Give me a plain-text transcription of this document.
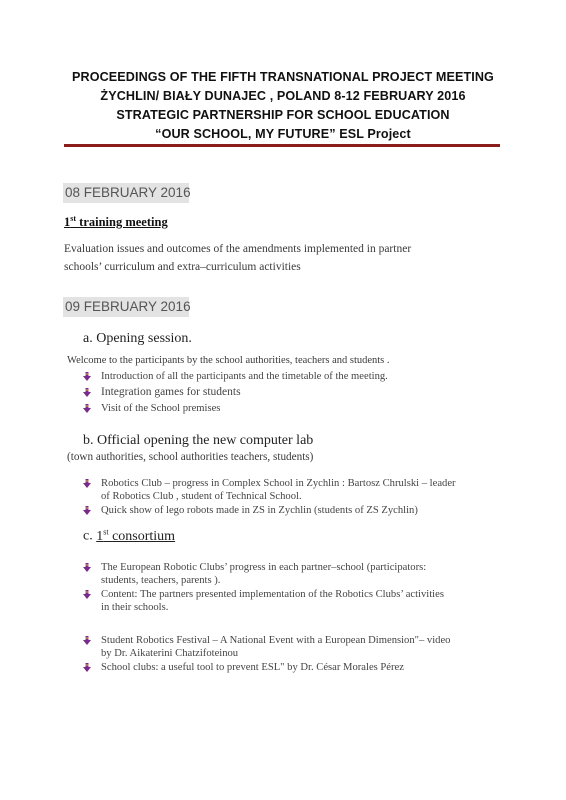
PROCEEDINGS OF THE FIFTH TRANSNATIONAL PROJECT MEETING
ŻYCHLIN/ BIAŁY DUNAJEC , POLAND 8-12 FEBRUARY 2016
STRATEGIC PARTNERSHIP FOR SCHOOL EDUCATION
“OUR SCHOOL, MY FUTURE” ESL Project
08 FEBRUARY 2016
1st training meeting
Evaluation issues and outcomes of the amendments implemented in partner
schools’ curriculum and extra–curriculum activities
09 FEBRUARY 2016
a. Opening session.
Welcome to the participants by the school authorities, teachers and students .
Introduction of all the participants and the timetable of the meeting.
Integration games for students
Visit of the School premises
b. Official opening the new computer lab
(town authorities, school authorities teachers, students)
Robotics Club – progress in Complex School in Zychlin : Bartosz Chrulski – leader
of Robotics Club , student of Technical School.
Quick show of lego robots made in ZS in Zychlin (students of ZS Zychlin)
c. 1st consortium
The European Robotic Clubs’ progress in each partner–school (participators:
students, teachers, parents ).
Content: The partners presented implementation of the Robotics Clubs’ activities
in their schools.
Student Robotics Festival – A National Event with a European Dimension"– video
by Dr. Aikaterini Chatzifoteinou
School clubs: a useful tool to prevent ESL" by Dr. César Morales Pérez
